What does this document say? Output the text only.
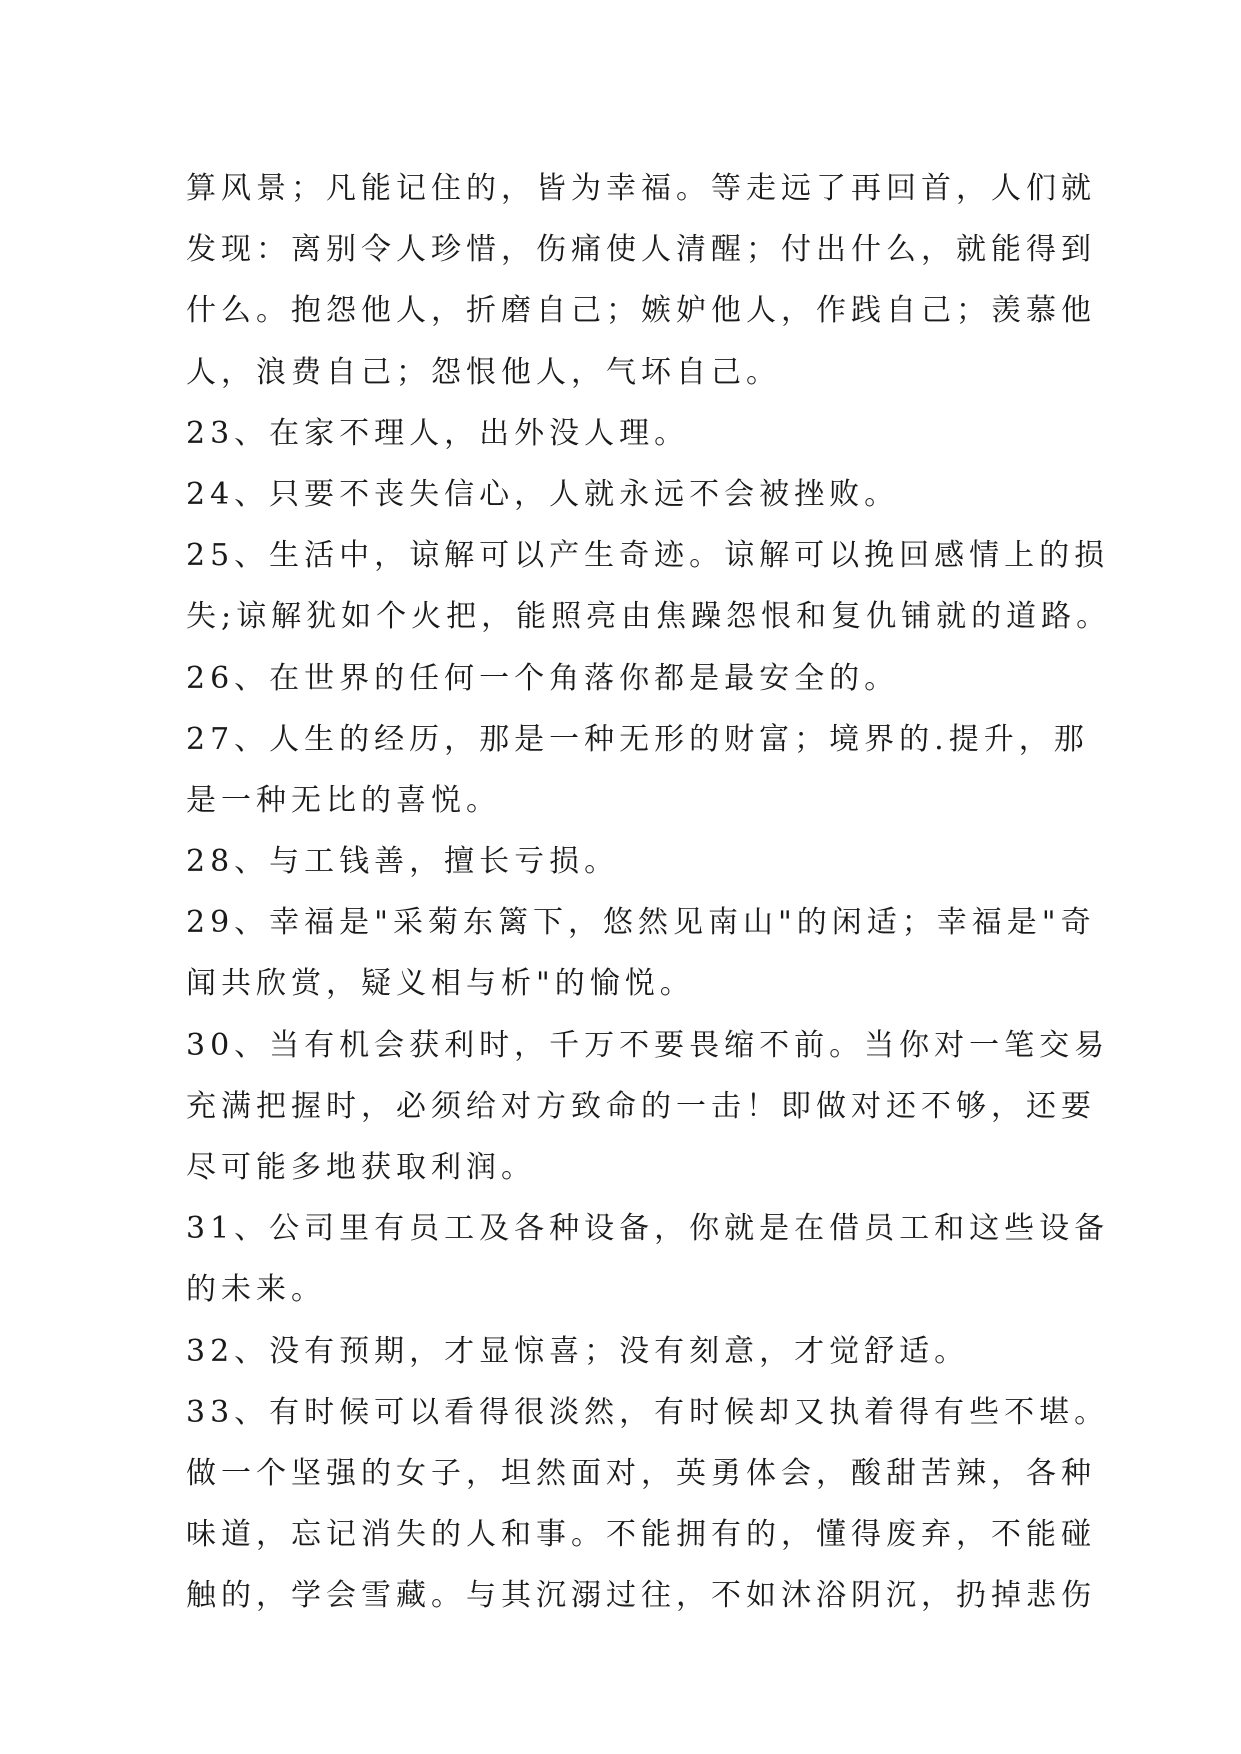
算风景；凡能记住的，皆为幸福。等走远了再回首，人们就
发现：离别令人珍惜，伤痛使人清醒；付出什么，就能得到
什么。抱怨他人，折磨自己；嫉妒他人，作践自己；羡慕他
人，浪费自己；怨恨他人，气坏自己。
23、在家不理人，出外没人理。
24、只要不丧失信心，人就永远不会被挫败。
25、生活中，谅解可以产生奇迹。谅解可以挽回感情上的损
失;谅解犹如个火把，能照亮由焦躁怨恨和复仇铺就的道路。
26、在世界的任何一个角落你都是最安全的。
27、人生的经历，那是一种无形的财富；境界的.提升，那
是一种无比的喜悦。
28、与工钱善，擅长亏损。
29、幸福是"采菊东篱下，悠然见南山"的闲适；幸福是"奇
闻共欣赏，疑义相与析"的愉悦。
30、当有机会获利时，千万不要畏缩不前。当你对一笔交易
充满把握时，必须给对方致命的一击！即做对还不够，还要
尽可能多地获取利润。
31、公司里有员工及各种设备，你就是在借员工和这些设备
的未来。
32、没有预期，才显惊喜；没有刻意，才觉舒适。
33、有时候可以看得很淡然，有时候却又执着得有些不堪。
做一个坚强的女子，坦然面对，英勇体会，酸甜苦辣，各种
味道，忘记消失的人和事。不能拥有的，懂得废弃，不能碰
触的，学会雪藏。与其沉溺过往，不如沐浴阴沉，扔掉悲伤
